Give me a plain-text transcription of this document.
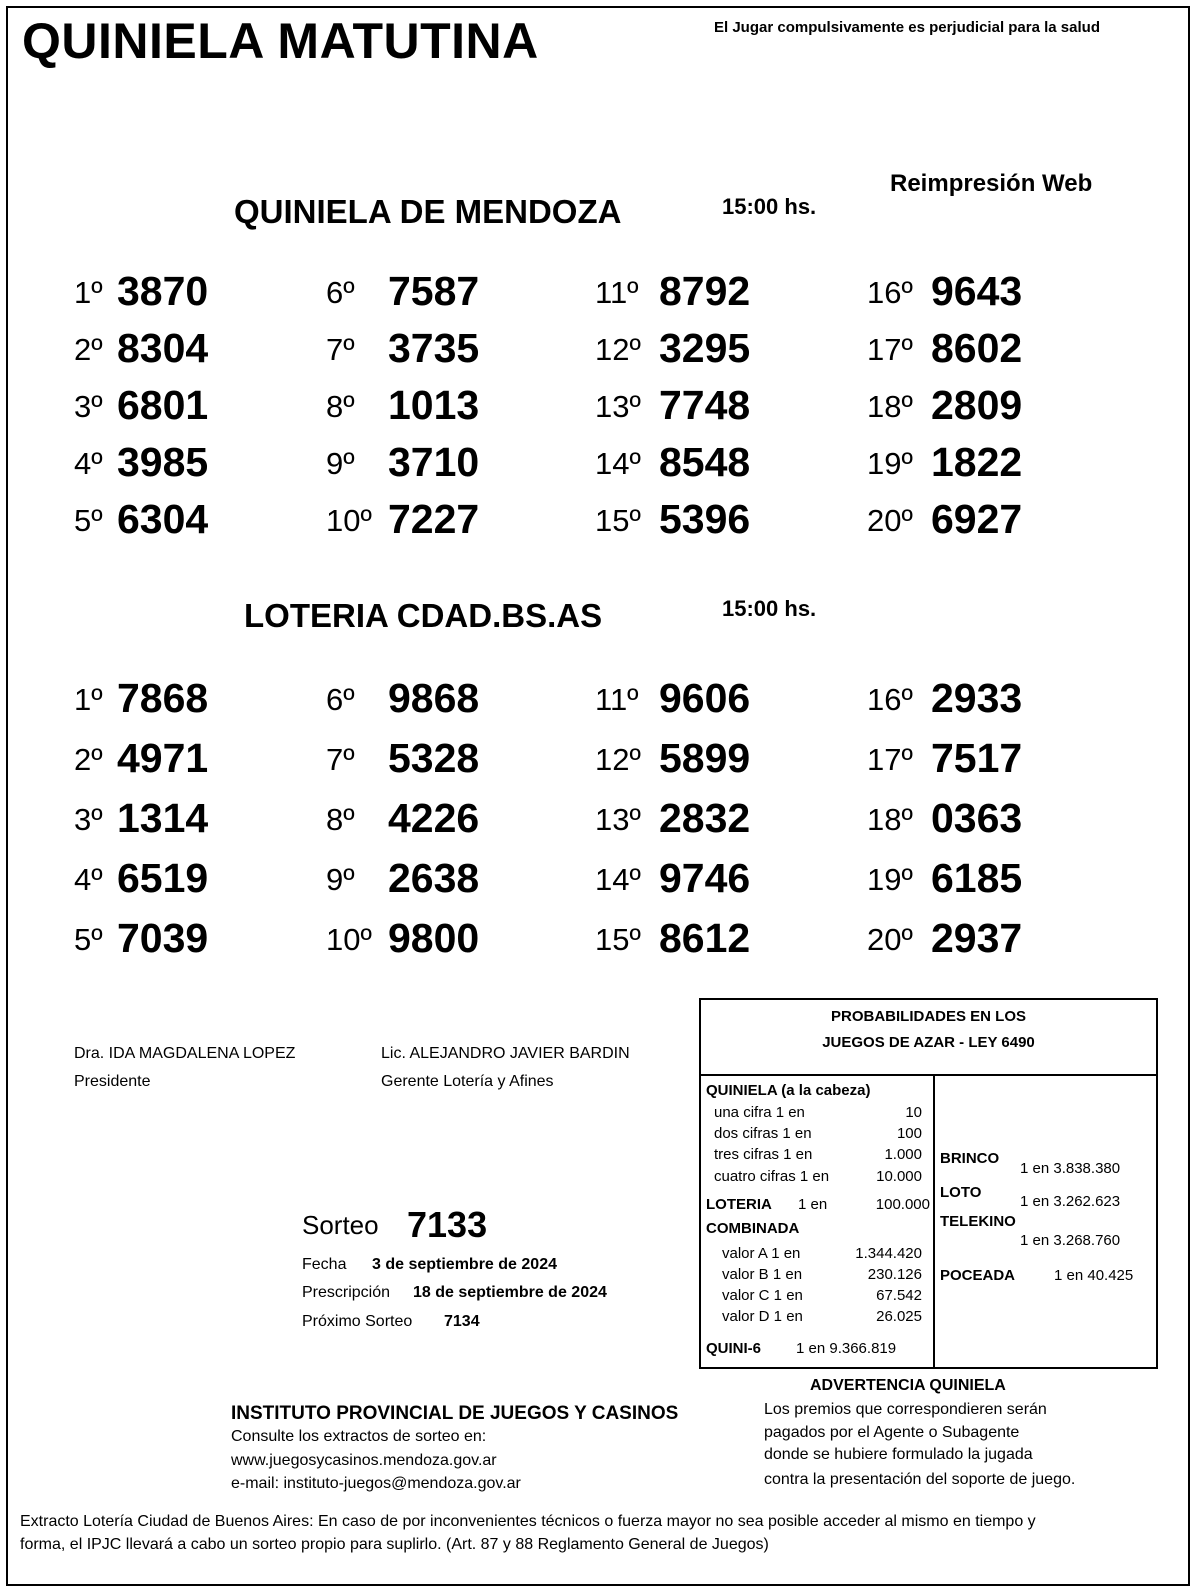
QUINIELA MATUTINA	El Jugar compulsivamente es perjudicial para la salud
Reimpresión Web
QUINIELA DE MENDOZA	15:00 hs.
LOTERIA CDAD.BS.AS	15:00 hs.
1º 3870
2º 8304
3º 6801
4º 3985
5º 6304
6º 7587
7º 3735
8º 1013
9º 3710
10º 7227
11º 8792
12º 3295
13º 7748
14º 8548
15º 5396
16º 9643
17º 8602
18º 2809
19º 1822
20º 6927
1º 7868
2º 4971
3º 1314
4º 6519
5º 7039
6º 9868
7º 5328
8º 4226
9º 2638
10º 9800
11º 9606
12º 5899
13º 2832
14º 9746
15º 8612
16º 2933
17º 7517
18º 0363
19º 6185
20º 2937
Dra. IDA MAGDALENA LOPEZ
Presidente
Lic. ALEJANDRO JAVIER BARDIN
Gerente Lotería y Afines
PROBABILIDADES EN LOS
JUEGOS DE AZAR - LEY 6490
QUINIELA (a la cabeza)
una cifra 1 en	10
dos cifras 1 en	100
tres cifras 1 en	1.000
cuatro cifras 1 en	10.000
LOTERIA 1 en	100.000
COMBINADA
valor A 1 en	1.344.420
valor B 1 en	230.126
valor C 1 en	67.542
valor D 1 en	26.025
QUINI-6 1 en 9.366.819
BRINCO
1 en 3.838.380
LOTO
1 en 3.262.623
TELEKINO
1 en 3.268.760
POCEADA	1 en 40.425
Sorteo 7133
Fecha 3 de septiembre de 2024
Prescripción 18 de septiembre de 2024
Próximo Sorteo 7134
INSTITUTO PROVINCIAL DE JUEGOS Y CASINOS
Consulte los extractos de sorteo en:
www.juegosycasinos.mendoza.gov.ar
e-mail: instituto-juegos@mendoza.gov.ar
ADVERTENCIA QUINIELA
Los premios que correspondieren serán
pagados por el Agente o Subagente
donde se hubiere formulado la jugada
contra la presentación del soporte de juego.
Extracto Lotería Ciudad de Buenos Aires: En caso de por inconvenientes técnicos o fuerza mayor no sea posible acceder al mismo en tiempo y
forma, el IPJC llevará a cabo un sorteo propio para suplirlo. (Art. 87 y 88 Reglamento General de Juegos)
